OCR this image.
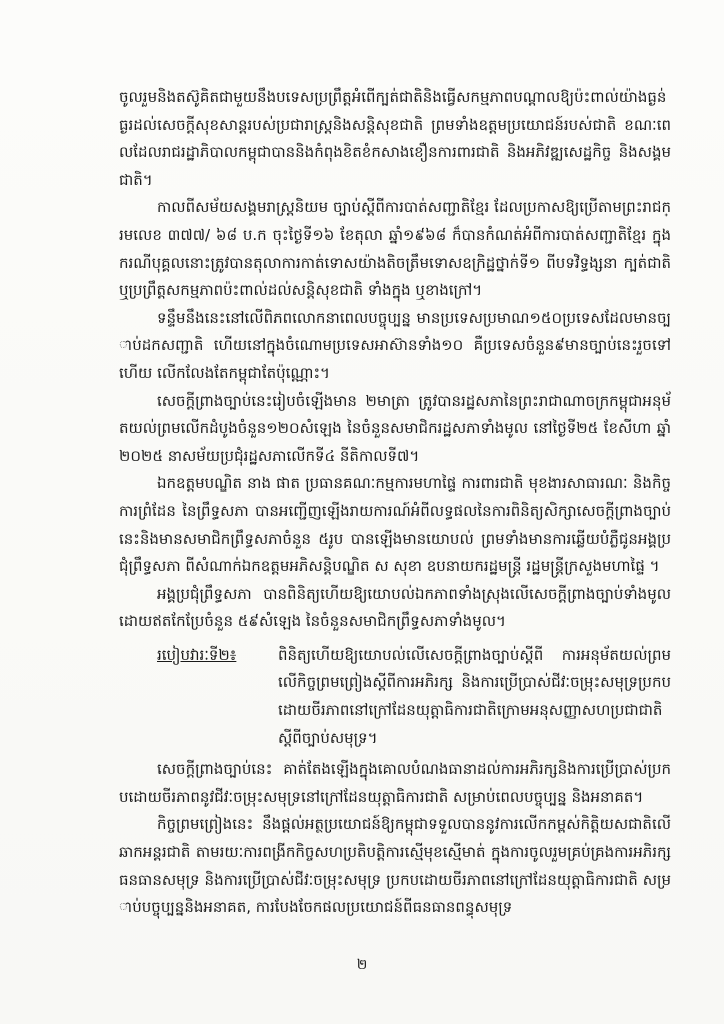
ចូលរួមនិងតស៊ូគិតជាមួយនឹងបទេសប្រព្រឹត្តអំពើក្បត់ជាតិនិងធ្វើសកម្មភាពបណ្ដាលឱ្យប៉ះពាល់យ៉ាងធ្ងន់ធ្ងរដល់សេចក្ដីសុខសាន្តរបស់ប្រជារាស្ត្រនិងសន្តិសុខជាតិ ព្រមទាំងឧត្តមប្រយោជន៍របស់ជាតិ ខណៈពេលដែលរាជរដ្ឋាភិបាលកម្ពុជាបាននិងកំពុងខិតខំកសាងខឿនការពារជាតិ និងអភិវឌ្ឍសេដ្ឋកិច្ច និងសង្គមជាតិ។

កាលពីសម័យសង្គមរាស្ត្រនិយម ច្បាប់ស្ដីពីការបាត់សញ្ជាតិខ្មែរ ដែលប្រកាសឱ្យប្រើតាមព្រះរាជក្រមលេខ ៣៧៧/ ៦៨ ប.ក ចុះថ្ងៃទី១៦ ខែតុលា ឆ្នាំ១៩៦៨ ក៏បានកំណត់អំពីការបាត់សញ្ជាតិខ្មែរ ក្នុងករណីបុគ្គលនោះត្រូវបានតុលាការកាត់ទោសយ៉ាងតិចត្រឹមទោសឧក្រិដ្ឋថ្នាក់ទី១ ពីបទវិទ្ធង្សនា ក្បត់ជាតិ ឬប្រព្រឹត្តសកម្មភាពប៉ះពាល់ដល់សន្តិសុខជាតិ ទាំងក្នុង ឬខាងក្រៅ។

ទន្ទឹមនឹងនេះនៅលើពិភពលោកនាពេលបច្ចុប្បន្ន មានប្រទេសប្រមាណ១៥០ប្រទេសដែលមានច្បាប់ដកសញ្ជាតិ ហើយនៅក្នុងចំណោមប្រទេសអាស៊ានទាំង១០ គឺប្រទេសចំនួន៩មានច្បាប់នេះរួចទៅហើយ លើកលែងតែកម្ពុជាតែប៉ុណ្ណោះ។

សេចក្ដីព្រាងច្បាប់នេះរៀបចំឡើងមាន ២មាត្រា ត្រូវបានរដ្ឋសភានៃព្រះរាជាណាចក្រកម្ពុជាអនុម័តយល់ព្រមលើកដំបូងចំនួន១២០សំឡេង នៃចំនួនសមាជិករដ្ឋសភាទាំងមូល នៅថ្ងៃទី២៥ ខែសីហា ឆ្នាំ២០២៥ នាសម័យប្រជុំរដ្ឋសភាលើកទី៤ នីតិកាលទី៧។

ឯកឧត្តមបណ្ឌិត នាង ផាត ប្រធានគណៈកម្មការមហាផ្ទៃ ការពារជាតិ មុខងារសាធារណៈ និងកិច្ចការព្រំដែន នៃព្រឹទ្ធសភា បានអញ្ជើញឡើងរាយការណ៍អំពីលទ្ធផលនៃការពិនិត្យសិក្សាសេចក្ដីព្រាងច្បាប់នេះនិងមានសមាជិកព្រឹទ្ធសភាចំនួន ៥រូប បានឡើងមានយោបល់ ព្រមទាំងមានការឆ្លើយបំភ្លឺជូនអង្គប្រជុំព្រឹទ្ធសភា ពីសំណាក់ឯកឧត្តមអភិសន្តិបណ្ឌិត ស សុខា ឧបនាយករដ្ឋមន្ត្រី រដ្ឋមន្ត្រីក្រសួងមហាផ្ទៃ ។

អង្គប្រជុំព្រឹទ្ធសភា បានពិនិត្យហើយឱ្យយោបល់ឯកភាពទាំងស្រុងលើសេចក្ដីព្រាងច្បាប់ទាំងមូល ដោយឥតកែប្រែចំនួន ៥៩សំឡេង នៃចំនួនសមាជិកព្រឹទ្ធសភាទាំងមូល។

របៀបវារៈទី២៖	ពិនិត្យហើយឱ្យយោបល់លើសេចក្ដីព្រាងច្បាប់ស្ដីពី ការអនុម័តយល់ព្រមលើកិច្ចព្រមព្រៀងស្ដីពីការអភិរក្ស និងការប្រើប្រាស់ជីវៈចម្រុះសមុទ្រប្រកបដោយចីរភាពនៅក្រៅដែនយុត្តាធិការជាតិក្រោមអនុសញ្ញាសហប្រជាជាតិស្ដីពីច្បាប់សមុទ្រ។

សេចក្ដីព្រាងច្បាប់នេះ គាត់តែងឡើងក្នុងគោលបំណងធានាដល់ការអភិរក្សនិងការប្រើប្រាស់ប្រកបដោយចីរភាពនូវជីវៈចម្រុះសមុទ្រនៅក្រៅដែនយុត្តាធិការជាតិ សម្រាប់ពេលបច្ចុប្បន្ន និងអនាគត។

កិច្ចព្រមព្រៀងនេះ នឹងផ្ដល់អត្ថប្រយោជន៍ឱ្យកម្ពុជាទទួលបាននូវការលើកកម្ពស់កិត្តិយសជាតិលើឆាកអន្តរជាតិ តាមរយៈការពង្រីកកិច្ចសហប្រតិបត្តិការស្មើមុខស្មើមាត់ ក្នុងការចូលរួមគ្រប់គ្រងការអភិរក្សធនធានសមុទ្រ និងការប្រើប្រាស់ជីវៈចម្រុះសមុទ្រ ប្រកបដោយចីរភាពនៅក្រៅដែនយុត្តាធិការជាតិ សម្រាប់បច្ចុប្បន្ននិងអនាគត, ការបែងចែកផលប្រយោជន៍ពីធនធានពន្ធុសមុទ្រ

២
